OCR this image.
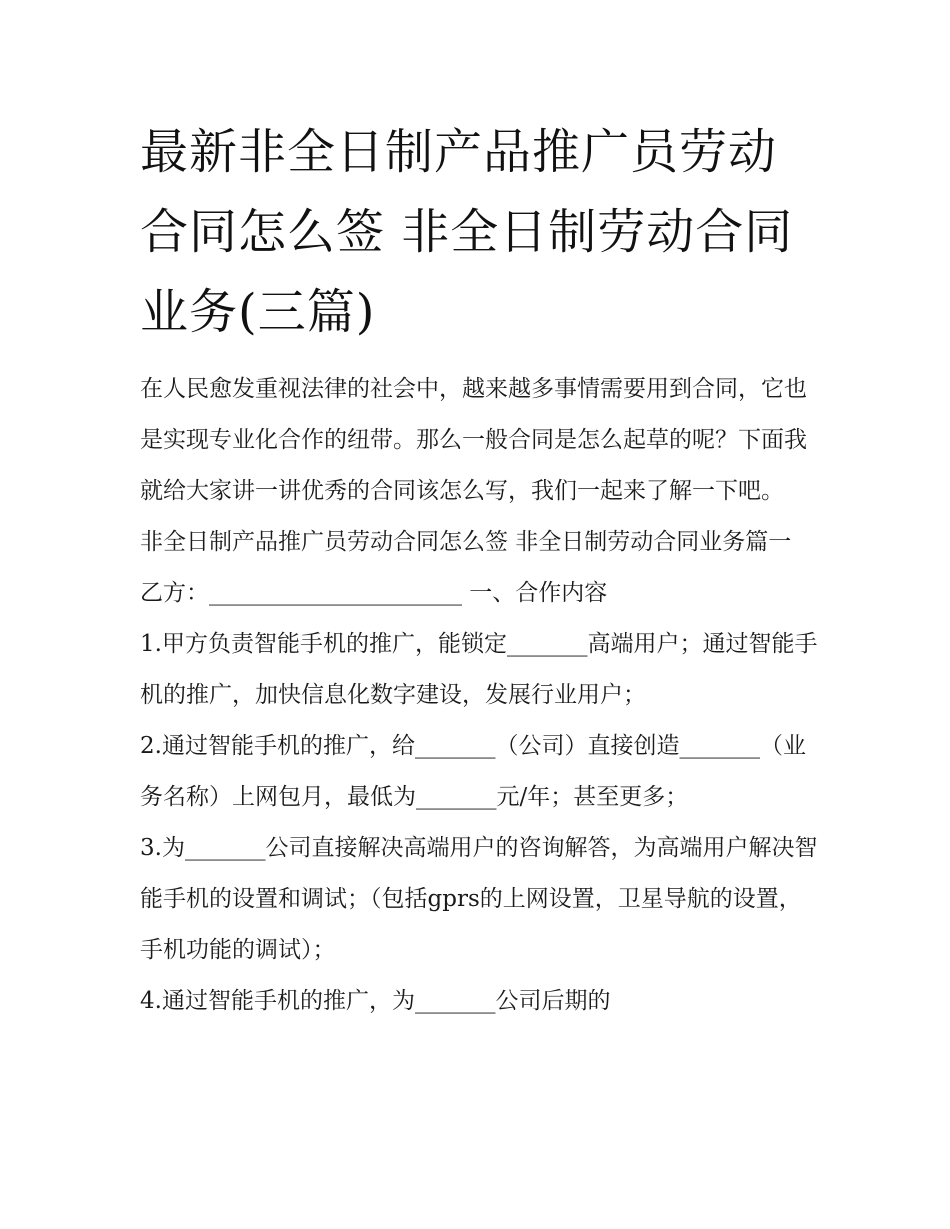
最新非全日制产品推广员劳动合同怎么签 非全日制劳动合同业务(三篇)

在人民愈发重视法律的社会中，越来越多事情需要用到合同，它也是实现专业化合作的纽带。那么一般合同是怎么起草的呢？下面我就给大家讲一讲优秀的合同该怎么写，我们一起来了解一下吧。

非全日制产品推广员劳动合同怎么签 非全日制劳动合同业务篇一 乙方：______________________ 一、合作内容

1.甲方负责智能手机的推广，能锁定_______高端用户；通过智能手机的推广，加快信息化数字建设，发展行业用户；

2.通过智能手机的推广，给_______（公司）直接创造_______（业务名称）上网包月，最低为_______元/年；甚至更多；

3.为_______公司直接解决高端用户的咨询解答，为高端用户解决智能手机的设置和调试；（包括gprs的上网设置，卫星导航的设置，手机功能的调试）；

4.通过智能手机的推广，为_______公司后期的
